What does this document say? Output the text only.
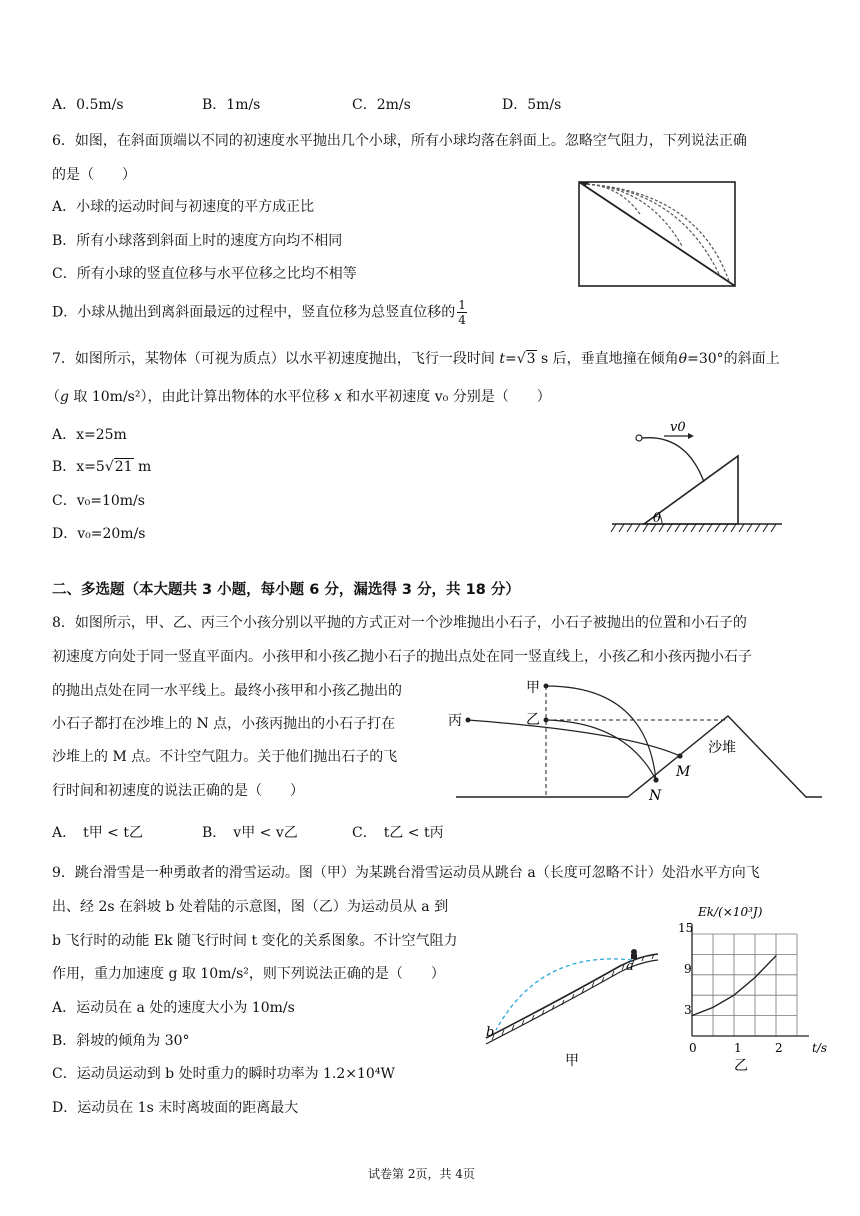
A．0.5m/s	B．1m/s	C．2m/s	D．5m/s
6．如图，在斜面顶端以不同的初速度水平抛出几个小球，所有小球均落在斜面上。忽略空气阻力，下列说法正确
的是（　　）
A．小球的运动时间与初速度的平方成正比
B．所有小球落到斜面上时的速度方向均不相同
C．所有小球的竖直位移与水平位移之比均不相等
D．小球从抛出到离斜面最远的过程中，竖直位移为总竖直位移的 $\frac{1}{4}$
7．如图所示，某物体（可视为质点）以水平初速度抛出，飞行一段时间 t=√3 s 后，垂直地撞在倾角θ=30°的斜面上
（g 取 10m/s²），由此计算出物体的水平位移 x 和水平初速度 v₀ 分别是（　　）
A．x=25m
B．x=5√21 m
C．v₀=10m/s
D．v₀=20m/s
v0
θ
二、多选题（本大题共 3 小题，每小题 6 分，漏选得 3 分，共 18 分）
8．如图所示，甲、乙、丙三个小孩分别以平抛的方式正对一个沙堆抛出小石子，小石子被抛出的位置和小石子的
初速度方向处于同一竖直平面内。小孩甲和小孩乙抛小石子的抛出点处在同一竖直线上，小孩乙和小孩丙抛小石子
的抛出点处在同一水平线上。最终小孩甲和小孩乙抛出的
小石子都打在沙堆上的 N 点，小孩丙抛出的小石子打在
沙堆上的 M 点。不计空气阻力。关于他们抛出石子的飞
行时间和初速度的说法正确的是（　　）
A．　t甲 < t乙	B．　v甲 < v乙	C．　t乙 < t丙
甲
乙
丙
沙堆
M
N
9．跳台滑雪是一种勇敢者的滑雪运动。图（甲）为某跳台滑雪运动员从跳台 a（长度可忽略不计）处沿水平方向飞
出、经 2s 在斜坡 b 处着陆的示意图，图（乙）为运动员从 a 到
b 飞行时的动能 Ek 随飞行时间 t 变化的关系图象。不计空气阻力
作用，重力加速度 g 取 10m/s²，则下列说法正确的是（　　）
A．运动员在 a 处的速度大小为 10m/s
B．斜坡的倾角为 30°
C．运动员运动到 b 处时重力的瞬时功率为 1.2×10⁴W
D．运动员在 1s 末时离坡面的距离最大
a
b
甲
Ek/(×10³J)
t/s
15
9
3
0	1	2
乙
试卷第 2页，共 4页
